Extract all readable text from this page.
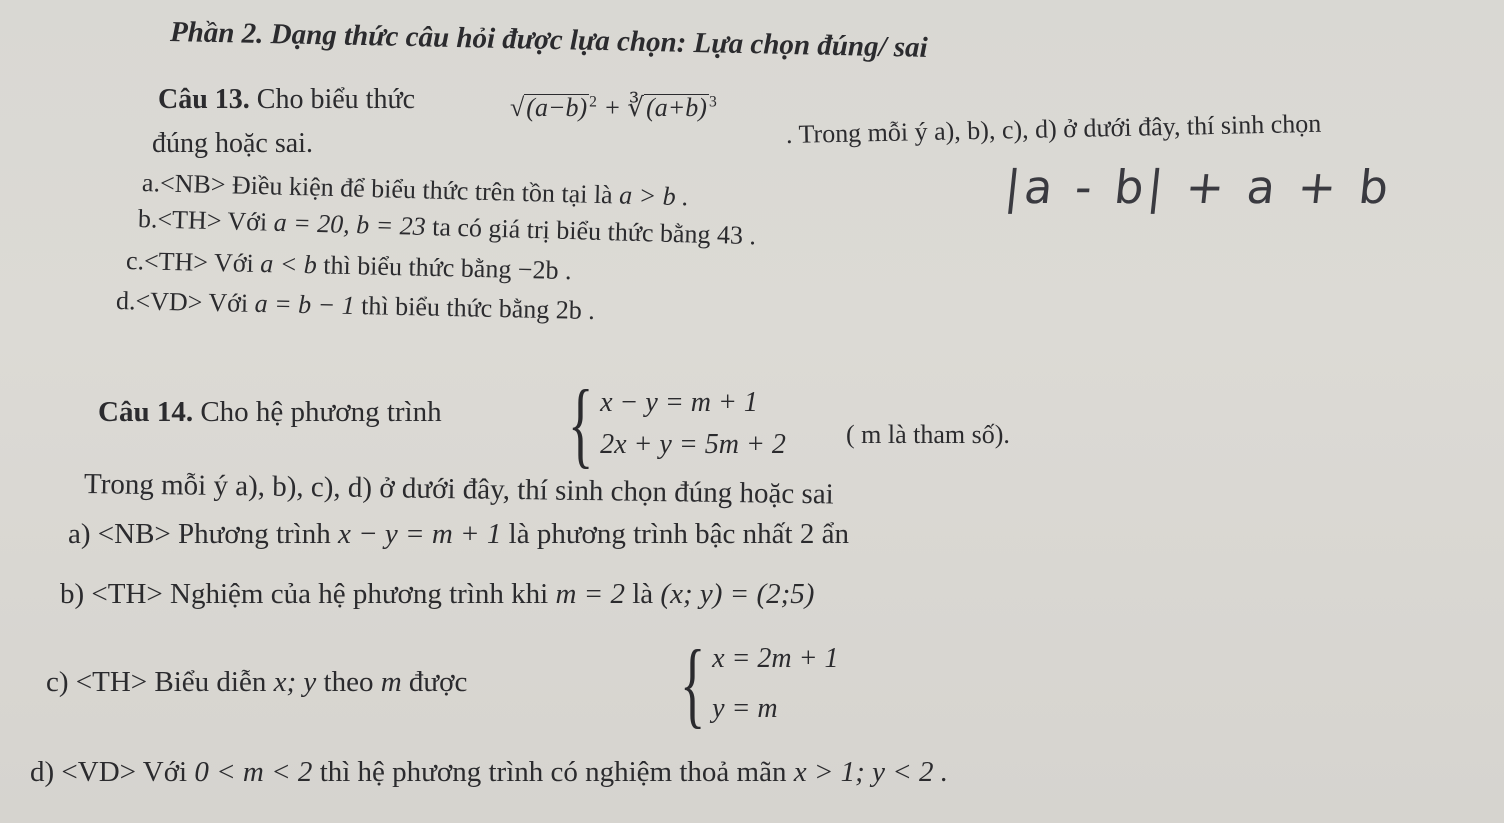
Phần 2. Dạng thức câu hỏi được lựa chọn: Lựa chọn đúng/ sai
Câu 13. Cho biểu thức	√(a−b) $^2$ + ∛(a+b) $^3$
. Trong mỗi ý a), b), c), d) ở dưới đây, thí sinh chọn
đúng hoặc sai.
a.<NB> Điều kiện để biểu thức trên tồn tại là a > b .
b.<TH> Với a = 20, b = 23 ta có giá trị biểu thức bằng 43 .
c.<TH> Với a < b thì biểu thức bằng −2b .
d.<VD> Với a = b − 1 thì biểu thức bằng 2b .
|a - b| + a + b
Câu 14. Cho hệ phương trình { x − y = m + 1
2x + y = 5m + 2 ( m là tham số).
Trong mỗi ý a), b), c), d) ở dưới đây, thí sinh chọn đúng hoặc sai
a) <NB> Phương trình x − y = m + 1 là phương trình bậc nhất 2 ẩn
b) <TH> Nghiệm của hệ phương trình khi m = 2 là (x; y) = (2;5)
c) <TH> Biểu diễn x; y theo m được { x = 2m + 1
y = m
d) <VD> Với 0 < m < 2 thì hệ phương trình có nghiệm thoả mãn x > 1; y < 2 .
